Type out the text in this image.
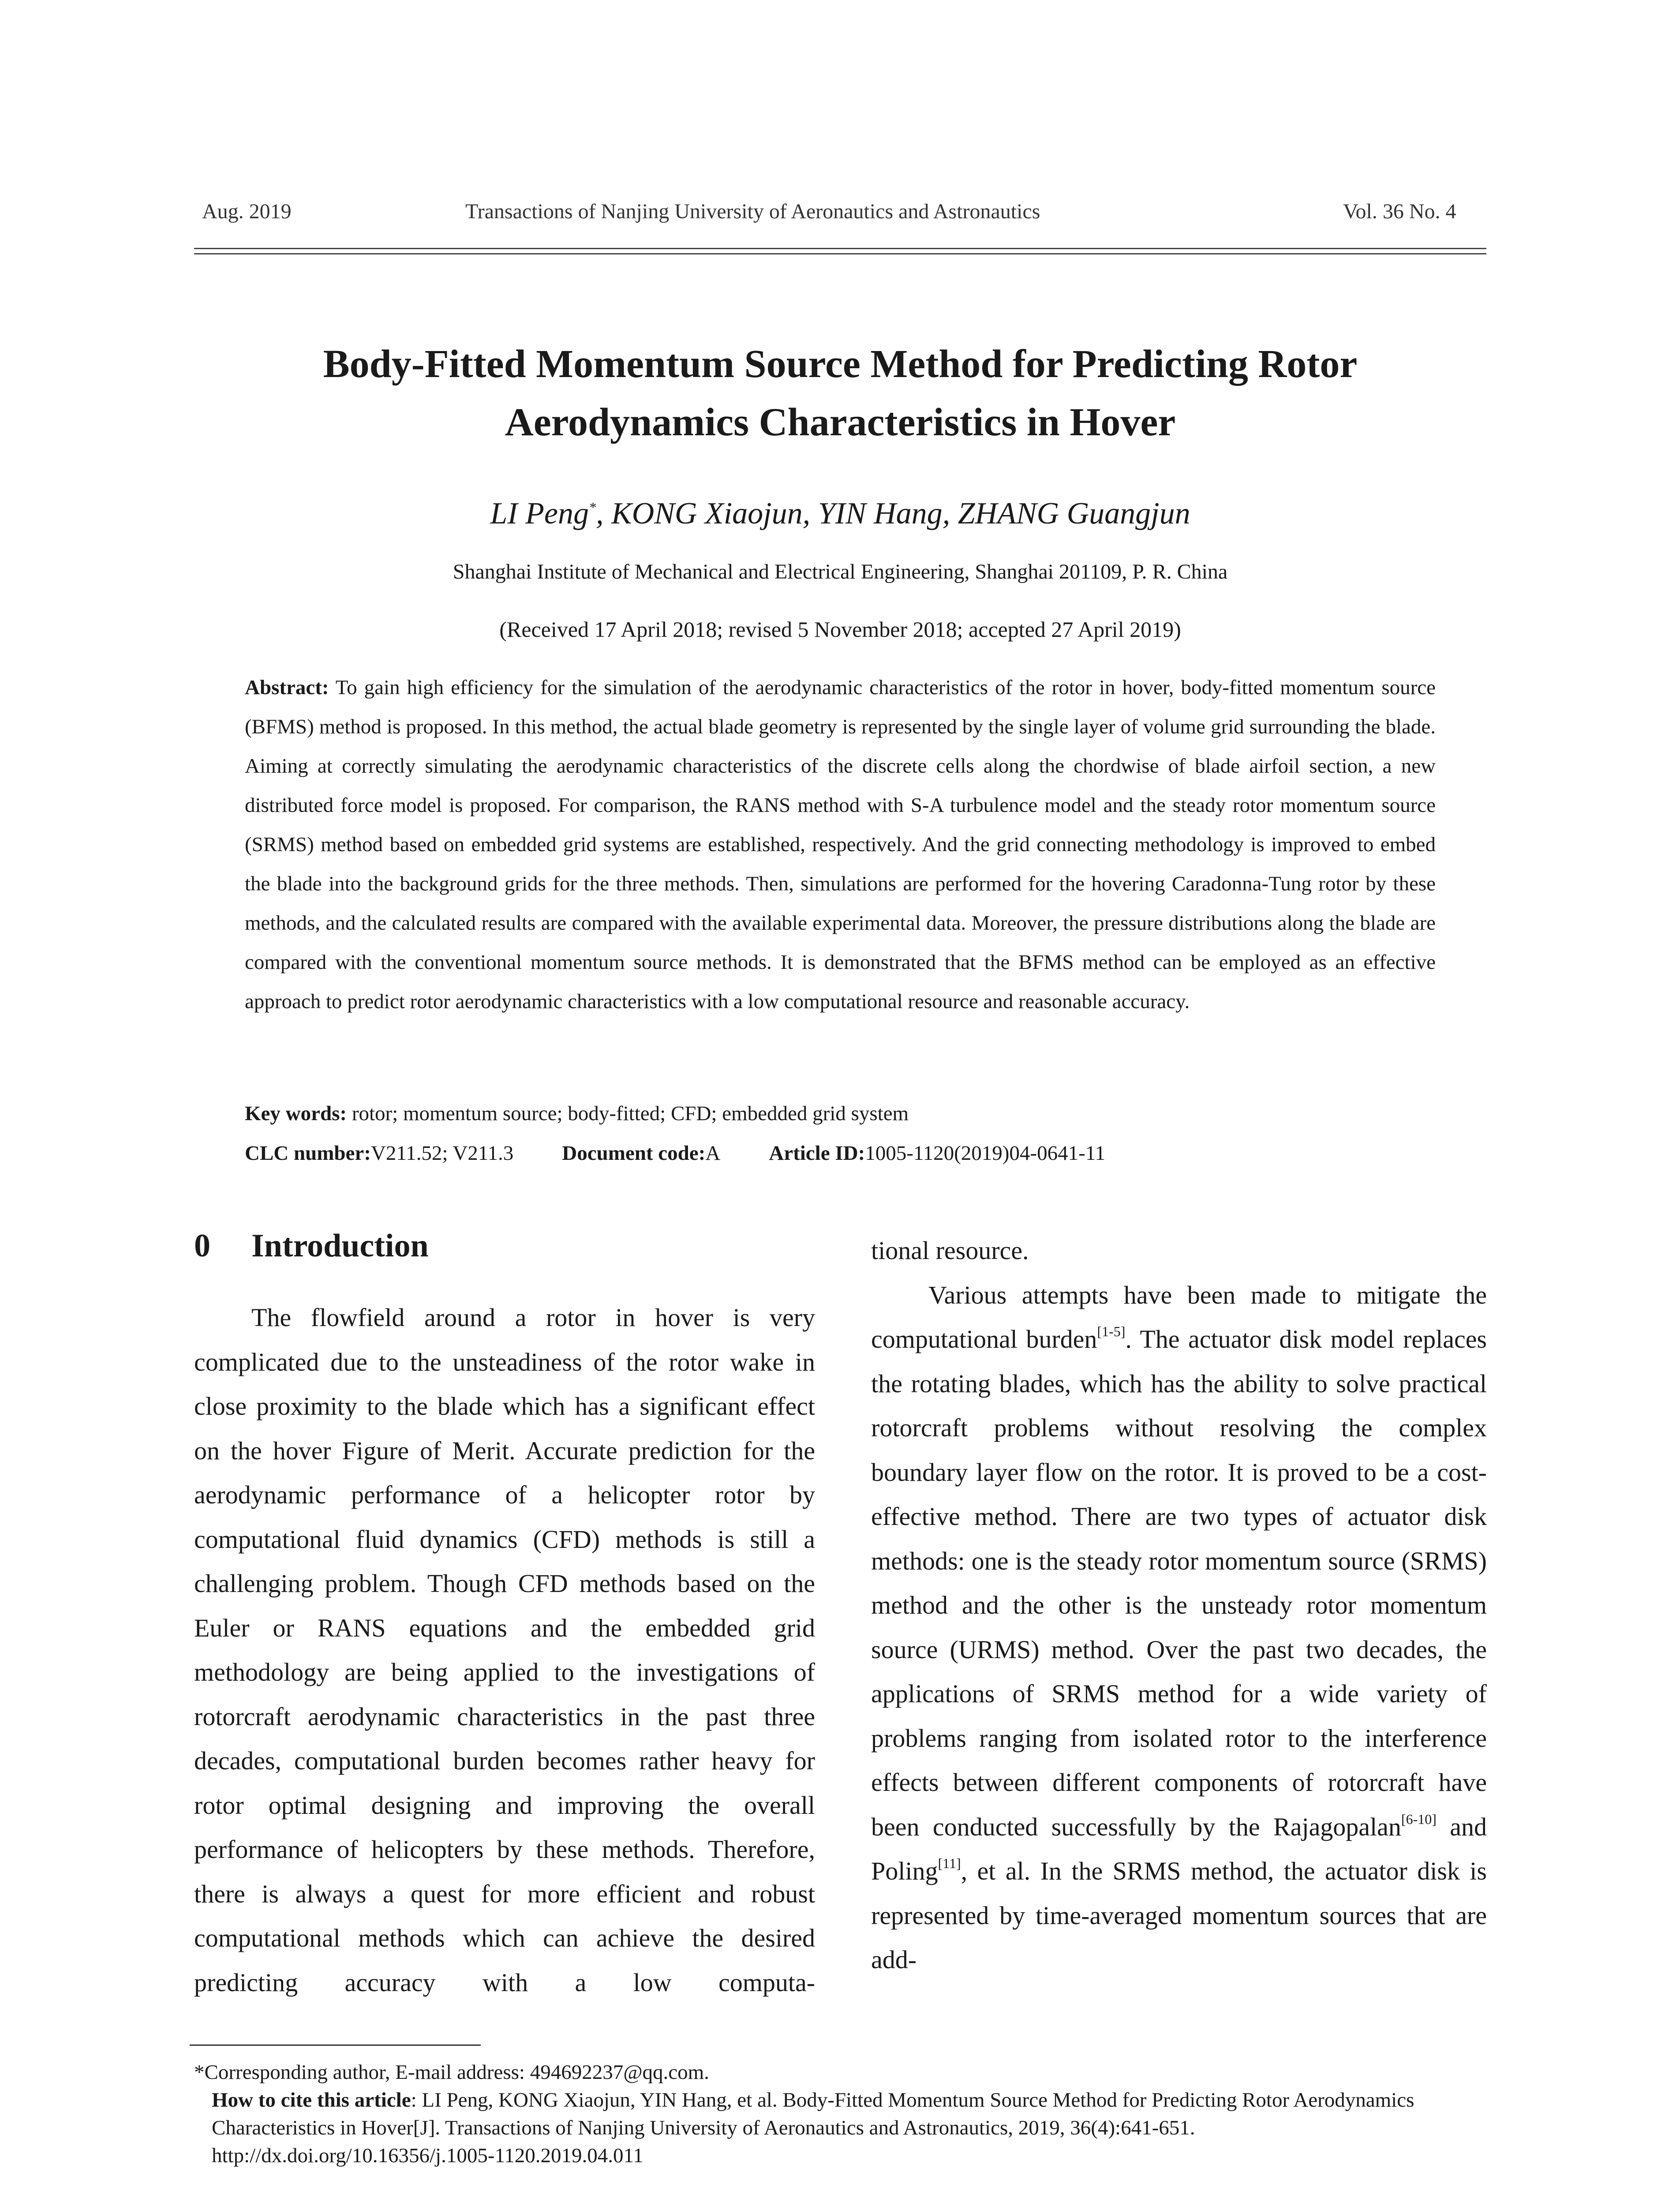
Aug. 2019	Transactions of Nanjing University of Aeronautics and Astronautics	Vol. 36 No. 4
Body-Fitted Momentum Source Method for Predicting Rotor
Aerodynamics Characteristics in Hover
LI Peng*, KONG Xiaojun, YIN Hang, ZHANG Guangjun
Shanghai Institute of Mechanical and Electrical Engineering, Shanghai 201109, P. R. China
(Received 17 April 2018; revised 5 November 2018; accepted 27 April 2019)
Abstract: To gain high efficiency for the simulation of the aerodynamic characteristics of the rotor in hover, body-fitted momentum source (BFMS) method is proposed. In this method, the actual blade geometry is represented by the single layer of volume grid surrounding the blade. Aiming at correctly simulating the aerodynamic characteristics of the discrete cells along the chordwise of blade airfoil section, a new distributed force model is proposed. For comparison, the RANS method with S-A turbulence model and the steady rotor momentum source (SRMS) method based on embedded grid systems are established, respectively. And the grid connecting methodology is improved to embed the blade into the background grids for the three methods. Then, simulations are performed for the hovering Caradonna-Tung rotor by these methods, and the calculated results are compared with the available experimental data. Moreover, the pressure distributions along the blade are compared with the conventional momentum source methods. It is demonstrated that the BFMS method can be employed as an effective approach to predict rotor aerodynamic characteristics with a low computational resource and reasonable accuracy.
Key words: rotor; momentum source; body-fitted; CFD; embedded grid system
CLC number:V211.52; V211.3 Document code:A Article ID:1005-1120(2019)04-0641-11
0 Introduction
The flowfield around a rotor in hover is very complicated due to the unsteadiness of the rotor wake in close proximity to the blade which has a significant effect on the hover Figure of Merit. Accurate prediction for the aerodynamic performance of a helicopter rotor by computational fluid dynamics (CFD) methods is still a challenging problem. Though CFD methods based on the Euler or RANS equations and the embedded grid methodology are being applied to the investigations of rotorcraft aerodynamic characteristics in the past three decades, computational burden becomes rather heavy for rotor optimal designing and improving the overall performance of helicopters by these methods. Therefore, there is always a quest for more efficient and robust computational methods which can achieve the desired predicting accuracy with a low computa-
tional resource.
Various attempts have been made to mitigate the computational burden[1-5]. The actuator disk model replaces the rotating blades, which has the ability to solve practical rotorcraft problems without resolving the complex boundary layer flow on the rotor. It is proved to be a cost-effective method. There are two types of actuator disk methods: one is the steady rotor momentum source (SRMS) method and the other is the unsteady rotor momentum source (URMS) method. Over the past two decades, the applications of SRMS method for a wide variety of problems ranging from isolated rotor to the interference effects between different components of rotorcraft have been conducted successfully by the Rajagopalan[6-10] and Poling[11], et al. In the SRMS method, the actuator disk is represented by time-averaged momentum sources that are add-
*Corresponding author, E-mail address: 494692237@qq.com.
How to cite this article: LI Peng, KONG Xiaojun, YIN Hang, et al. Body-Fitted Momentum Source Method for Predicting Rotor Aerodynamics Characteristics in Hover[J]. Transactions of Nanjing University of Aeronautics and Astronautics, 2019, 36(4):641-651.
http://dx.doi.org/10.16356/j.1005-1120.2019.04.011
